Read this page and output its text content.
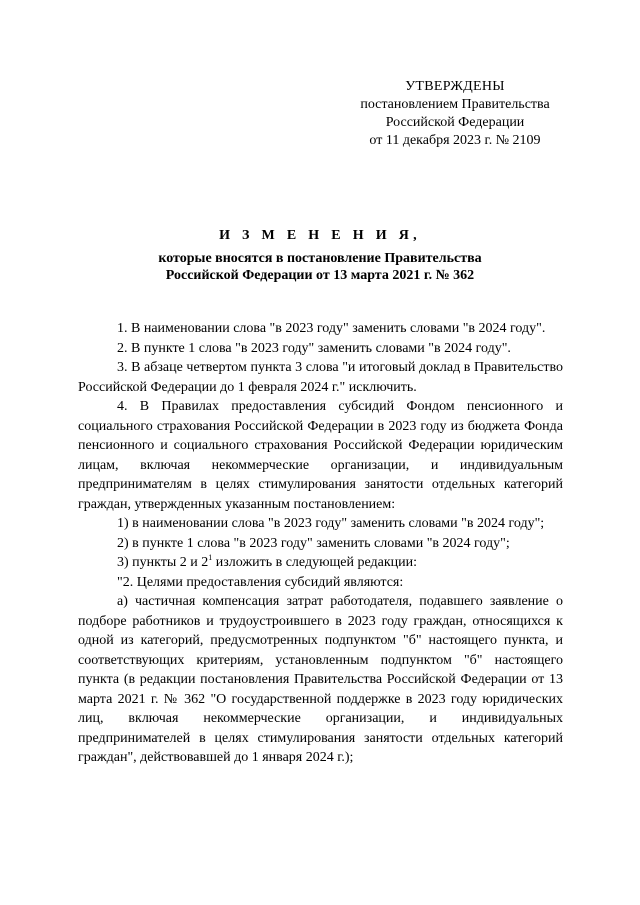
УТВЕРЖДЕНЫ
постановлением Правительства
Российской Федерации
от 11 декабря 2023 г. № 2109
И З М Е Н Е Н И Я,
которые вносятся в постановление Правительства
Российской Федерации от 13 марта 2021 г. № 362

1. В наименовании слова "в 2023 году" заменить словами "в 2024 году".

2. В пункте 1 слова "в 2023 году" заменить словами "в 2024 году".

3. В абзаце четвертом пункта 3 слова "и итоговый доклад в Правительство Российской Федерации до 1 февраля 2024 г." исключить.

4. В Правилах предоставления субсидий Фондом пенсионного и социального страхования Российской Федерации в 2023 году из бюджета Фонда пенсионного и социального страхования Российской Федерации юридическим лицам, включая некоммерческие организации, и индивидуальным предпринимателям в целях стимулирования занятости отдельных категорий граждан, утвержденных указанным постановлением:

1) в наименовании слова "в 2023 году" заменить словами "в 2024 году";

2) в пункте 1 слова "в 2023 году" заменить словами "в 2024 году";

3) пункты 2 и $2^1$ изложить в следующей редакции:

"2. Целями предоставления субсидий являются:

а) частичная компенсация затрат работодателя, подавшего заявление о подборе работников и трудоустроившего в 2023 году граждан, относящихся к одной из категорий, предусмотренных подпунктом "б" настоящего пункта, и соответствующих критериям, установленным подпунктом "б" настоящего пункта (в редакции постановления Правительства Российской Федерации от 13 марта 2021 г. № 362 "О государственной поддержке в 2023 году юридических лиц, включая некоммерческие организации, и индивидуальных предпринимателей в целях стимулирования занятости отдельных категорий граждан", действовавшей до 1 января 2024 г.);
